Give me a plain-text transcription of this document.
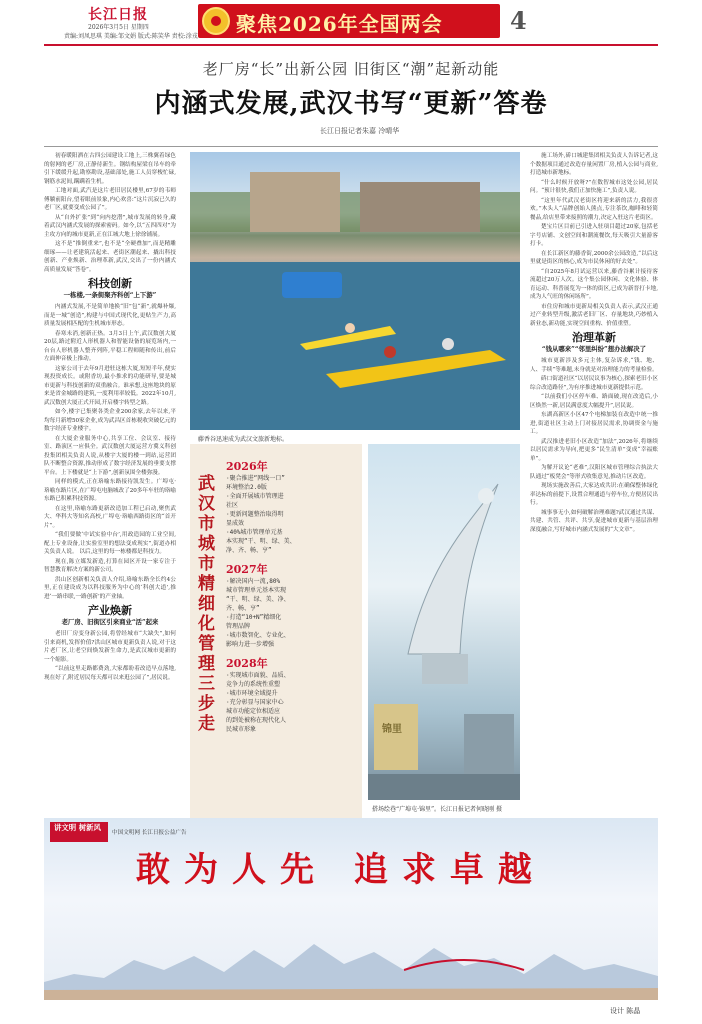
长江日报
2026年3月5日 星期四
责编:刘凤思琪 美编:邹文娟 版式:陈笑华 责校:涂戎
聚焦2026年全国两会	4
老厂房“长”出新公园 旧街区“潮”起新动能
内涵式发展,武汉书写“更新”答卷
长江日报记者朱嘉 冷晴华

初春暖阳洒在古四公园建设工地上,三株翼着绿色的射网的老厂房,正静待新生。钢结构屋梁在吊车的牵引下缓缓升起,勘察勘设,基础部处,施工人员穿梭忙碌,钢筋水泥间,蹒蹒着生机。

工地对面,武汽是这片老旧居民楼里,67岁的韦师傅躺前阳台,望着眼前景象,内心欢喜:“这片沉寂已久的老厂区,就要变成公园了”。

从“自外扩张”到“向内挖潜”,城市发展的转身,藏着武汉内涵式发展的探索密码。如今,以“五四四对”为主攻方向的城市更新,正在江城大地上徐徐铺展。

这不是“推倒重来”,也不是“全硬叠加”,而是精雕细琢——让老建筑活起来、老街区潮起来、撬出科技创新、产业焕新、治理革新,武汉,交出了一份内涵式高质量发展“答卷”。

科技创新
一栋楼,一条街聚齐科创“上下游”

内涵式发展,不是简单地换“旧”包“新”,就爆补爆,而是一城“创造”,构建与中国式现代化,更贴生产力,高质量发展相匹配的生机城市形态。

春寒未消,创新正热。3月3日上午,武汉数创大厦20层,路过附近人形机器人和智能设备的展览场内,一台台人形机器人整齐列阵,平稳工程师随和传出,前后左面伸音极上推动。

这家公司于去年9月进驻这栋大厦,短短半年,便实现投资成长。或附香坊,最小推求的功能研导,要是城市更新与科技创新的双重融合。谁承想,这座地块的原来是省金城路的建筑,一度利用率较低。2022年10月,武汉数创大厦正式开园,开启楼宇转型之路。

如今,楼宇已集聚各类企业200余家,去年以来,平均每月新增50家企业,成为武昌区首栋税收突破亿元的数字经济专业楼宇。

在大厦企业服务中心,共享工位、会议室、接待室、路演区一应俱全。武汉数创大厦运营方冀义科创投集团相关负责人说,从楼宇大厦的楼一到站,运营团队不断整合资源,推动形成了数字经济发展的垂要支撑平台。上下楼就是“上下游”,创新氛围全楼弥漫。

同样的模式,正在珞喻东路接待凯发生。广埠屯·珞喻东路片区,在广埠屯电脑城改了20多年车驻的珞喻东路已积累科技资源。

在这里,珞喻东路更新改造加工程已启动,聚焦武大、华科大等知名高校,广埠屯·珞喻西路街区的“首开片”。

“我们要做‘中试实验中台’,用政造园的工业空间,配上专业设备,让实验室里的想法变成现实”,街道办相关负责人说。 以后,这里的每一栋楼都是科技力。

现在,陈立媒发新造,打算在园区开设一家专注于智慧教育解决方案的新公司。

洪山区创新相关负责人介绍,珞喻东路全长约4公里,正在建设成为以科技服务为中心的‘科创大道’,推进‘一路串联,一路创新’的产业轴。

产业焕新
老厂房、旧街区引来商业“活”起来

老旧厂房变身新公园,将曾经城市“大缺失”,如何引来商机,发挥价值?洪山区城市更新负责人说,对于这片老厂区,让老空间焕发新生命力,是武汉城市更新的一个缩影。

“以前这里走路都费劲,大家都盼着改造早点落地,现在好了,附近居民每天都可以来逛公园了”,居民说。

藤香谷迅速成为武汉文旅新地标。
武汉市城市精细化管理三步走
2026年
·聚合推进“网线一口”
环境整治2.0版
·全面开展城市管理进
社区
·更新问题整治取得明
显成效
·40%城市管理单元基
本实现“干、明、绿、美、
净、齐、畅、亨”
2027年
·解决国内一流,80%
城市管理单元基本实现
“干、明、绿、美、净、
齐、畅、亨”
·打造“10+N”精细化
管理品牌
·城市数智化、专业化、
影响力进一步增强
2028年
·实现城市面貌、品质、
竞争力的系统性重塑
·城市环境全域提升
·充分彰显与国家中心
城市功能定位相适应
的到处被称在现代化人
民城市形象	锦里
搭场绘巷“广埠屯·锦里”。长江日报记者何晓刚 摄

施工场外,硚口城建集团相关负责人告诉记者,这个数据项目通过改造存量闲置厂房,植入公园与商业,打造城市新地标。

“什么时候开放呀?”在数智城市这处公园,居民问。“预计很快,我们正加快施工”,负责人说。

“这里年代武汉老街区将迎来新的活力,我很喜欢。”木头人“品牌创始人熊点,专注茶饮,咖啡和轻简餐品,给店里带来接照的潮力,决定入驻这片老街区。

楚宝片区目前已引进入驻项目超过20家,包括老字号店铺、文创空间和潮流餐饮,每天吸引大量游客打卡。

在长江新区的藤香街,2000余公园改造,“以后这里就是街区的核心,成为市民休闲的好去处”。

“自2025年8月试运营以来,藤香谷累计接待客流超过20万人次。这个集公园休闲、文化体验、体育运动、科普展览为一体的街区,已成为新晋打卡地,成为人气旺的休闲场所”。

市住房和城市更新局相关负责人表示,武汉正通过产业转型升级,激活老旧厂区、存量地块,巧妙植入新业态,新功能,实现空间重构、价值重塑。

治理革新
“钱从哪来”“邻里纠纷”想办法解决了

城市更新涉及多元主体,复杂诉求,“钱、地、人、手续”等难题,未身就是对治理能力的考量检验。

硚口街道社区“以居民议事为核心,探索老旧小区综合改造路径”,为有序推进城市更新提供示范。

“以前我们小区停车难、路面破,现在改造后,小区焕然一新,居民满意度大幅提升”,居民说。

东湖高新区小区47个电梯加装在改造中统一推进,街道社区主动上门对接居民需求,协调资金与施工。

武汉推进老旧小区改造“加法”,2026年,将继续以居民需求为导向,把更多“民生清单”变成“幸福账单”。

为解开议论“老难”,汉阳区城市管理综合执法大队通过“板凳会”等形式收集意见,推动片区改造。

现场实施改善后,大家达成共识:在确保整体绿化率达标的前提下,设置合理通道与停车位,方便居民出行。

城事事无小,如何破解治理难题?武汉通过共谋、共建、共管、共评、共享,促进城市更新与基层治理深度融合,写好城市内涵式发展的“大文章”。

讲文明 树新风
中国文明网 长江日报公益广告
敢为人先 追求卓越
设计 陈晶
